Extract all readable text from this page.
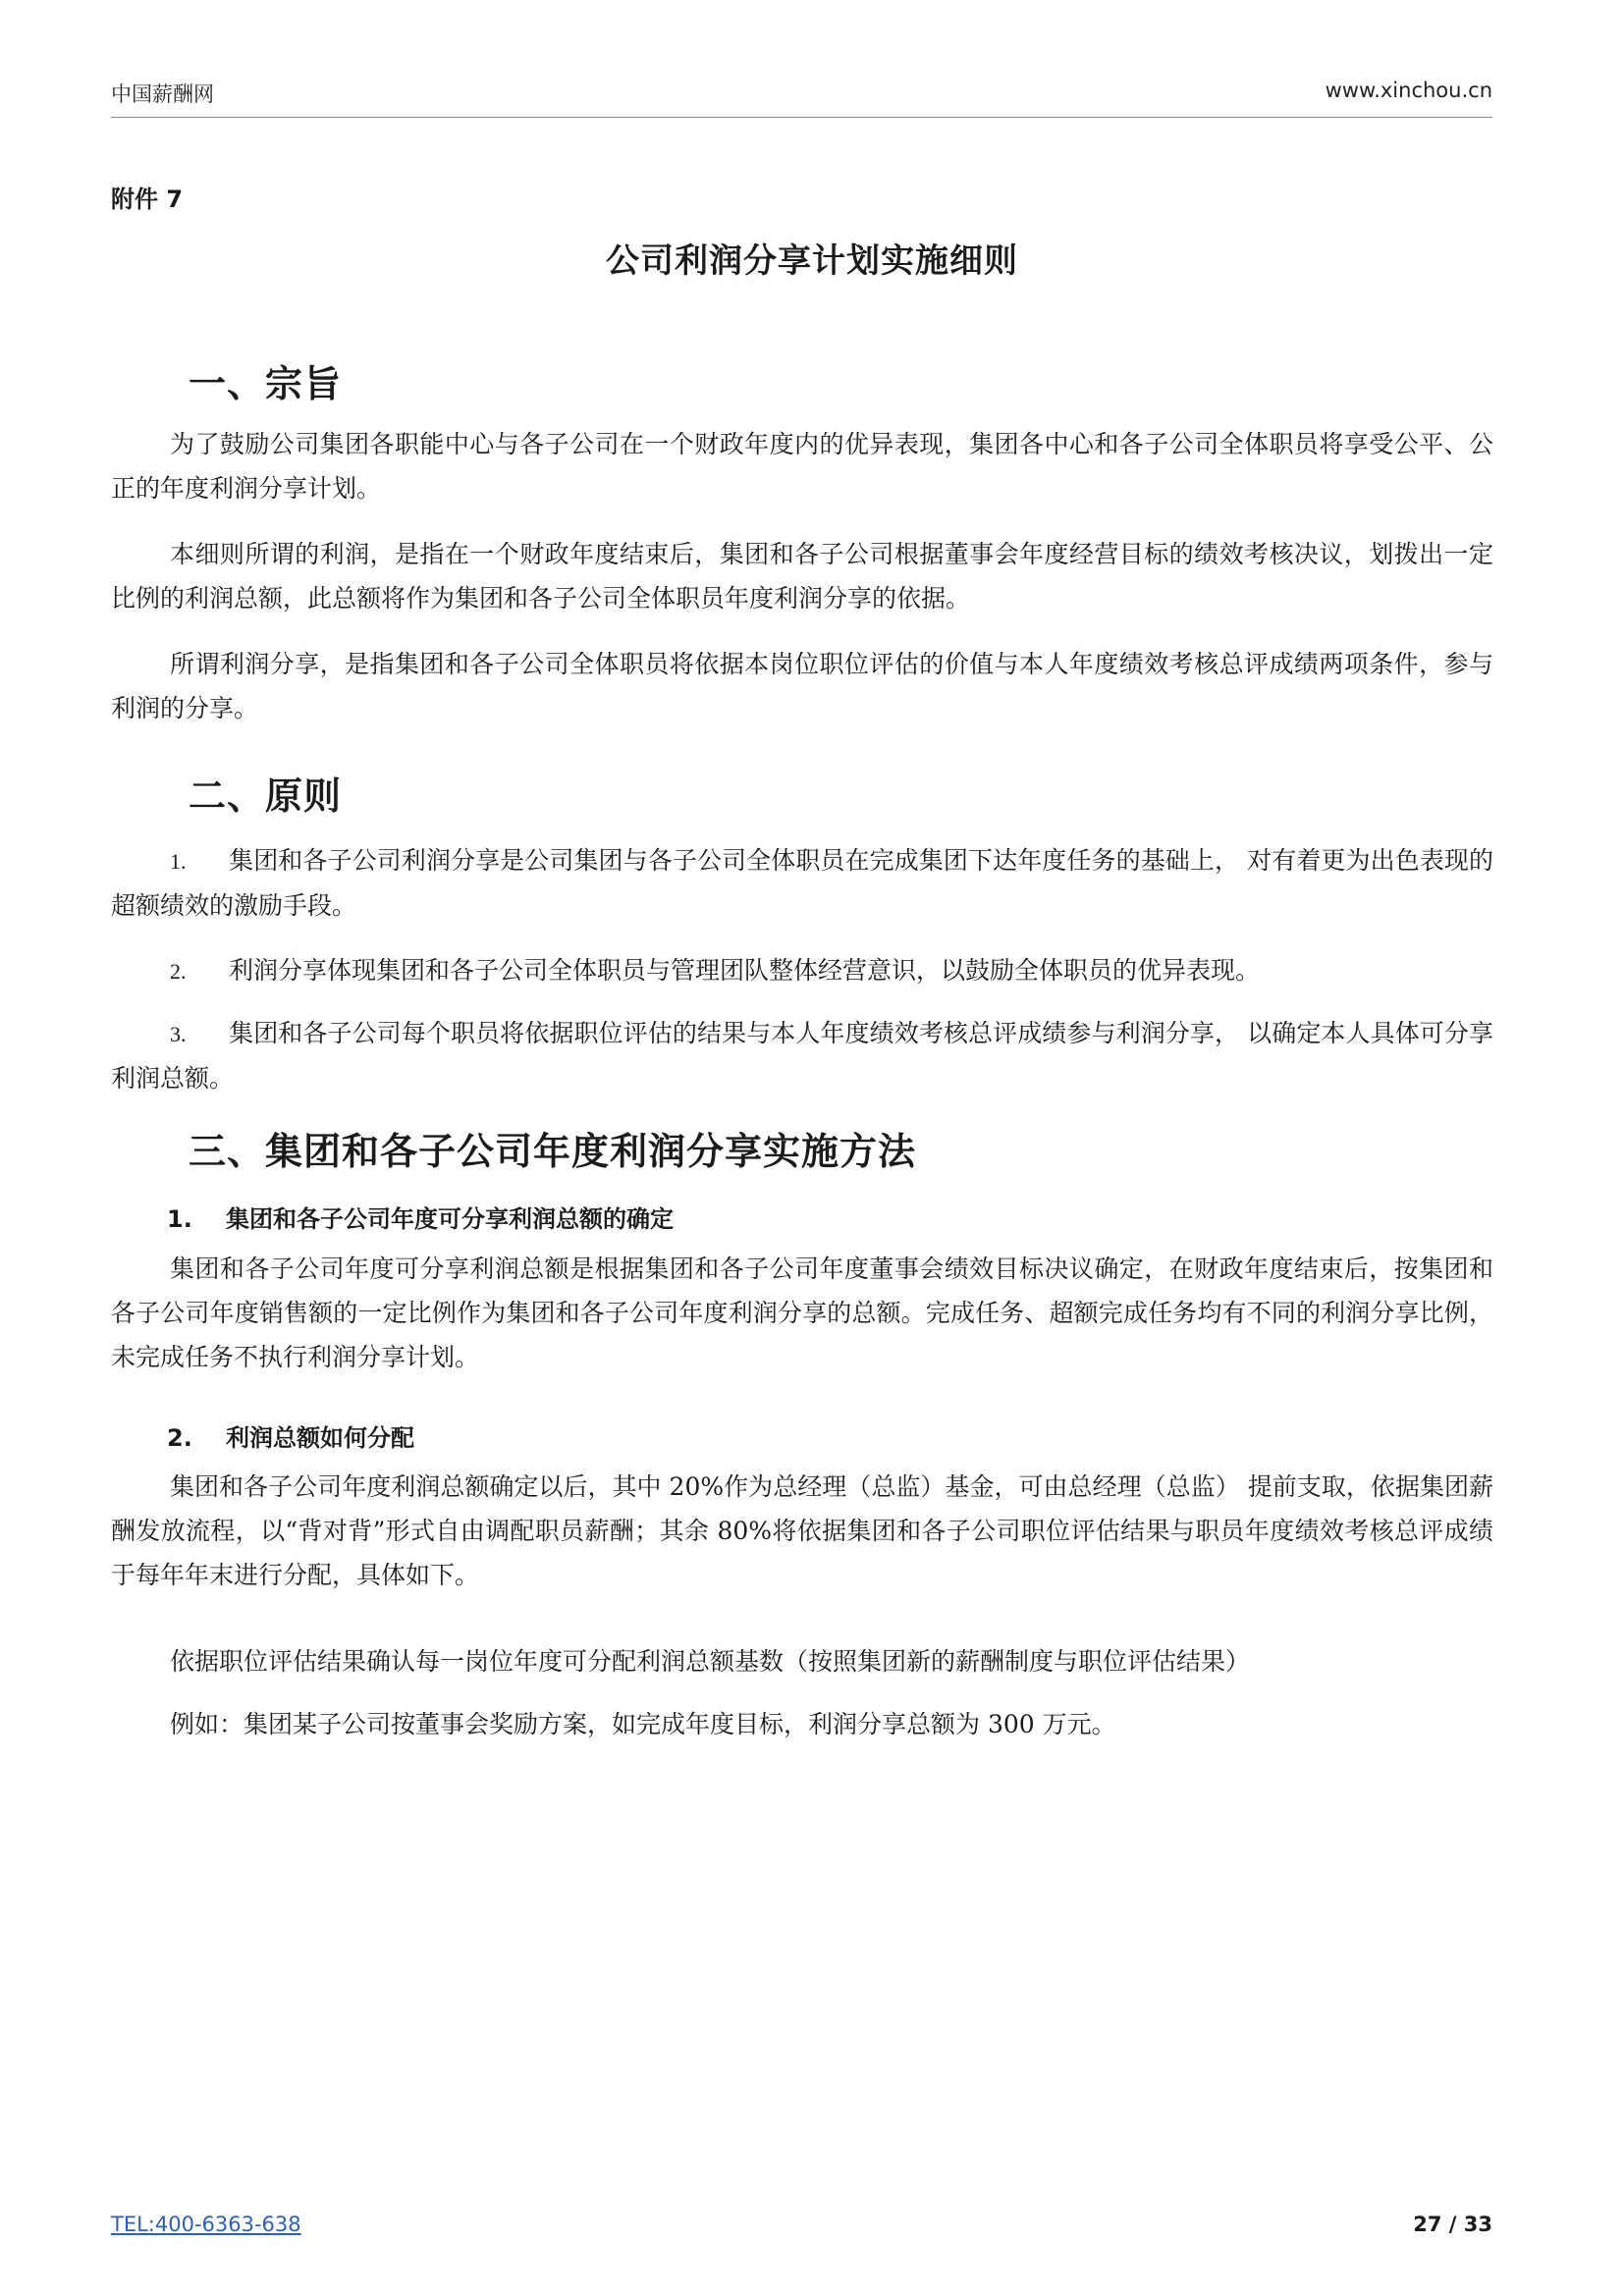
中国薪酬网	www.xinchou.cn
附件 7
公司利润分享计划实施细则
一、宗旨

为了鼓励公司集团各职能中心与各子公司在一个财政年度内的优异表现，集团各中心和各子公司全体职员将享受公平、公正的年度利润分享计划。

本细则所谓的利润，是指在一个财政年度结束后，集团和各子公司根据董事会年度经营目标的绩效考核决议，划拨出一定比例的利润总额，此总额将作为集团和各子公司全体职员年度利润分享的依据。

所谓利润分享，是指集团和各子公司全体职员将依据本岗位职位评估的价值与本人年度绩效考核总评成绩两项条件，参与利润的分享。

二、原则

1. 集团和各子公司利润分享是公司集团与各子公司全体职员在完成集团下达年度任务的基础上， 对有着更为出色表现的超额绩效的激励手段。

2. 利润分享体现集团和各子公司全体职员与管理团队整体经营意识，以鼓励全体职员的优异表现。

3. 集团和各子公司每个职员将依据职位评估的结果与本人年度绩效考核总评成绩参与利润分享， 以确定本人具体可分享利润总额。

三、集团和各子公司年度利润分享实施方法
1. 集团和各子公司年度可分享利润总额的确定

集团和各子公司年度可分享利润总额是根据集团和各子公司年度董事会绩效目标决议确定，在财政年度结束后，按集团和各子公司年度销售额的一定比例作为集团和各子公司年度利润分享的总额。完成任务、超额完成任务均有不同的利润分享比例，未完成任务不执行利润分享计划。

2. 利润总额如何分配

集团和各子公司年度利润总额确定以后，其中 20%作为总经理（总监）基金，可由总经理（总监） 提前支取，依据集团薪酬发放流程，以“背对背”形式自由调配职员薪酬；其余 80%将依据集团和各子公司职位评估结果与职员年度绩效考核总评成绩于每年年末进行分配，具体如下。

依据职位评估结果确认每一岗位年度可分配利润总额基数（按照集团新的薪酬制度与职位评估结果）

例如：集团某子公司按董事会奖励方案，如完成年度目标，利润分享总额为 300 万元。

TEL:400-6363-638	27 / 33
